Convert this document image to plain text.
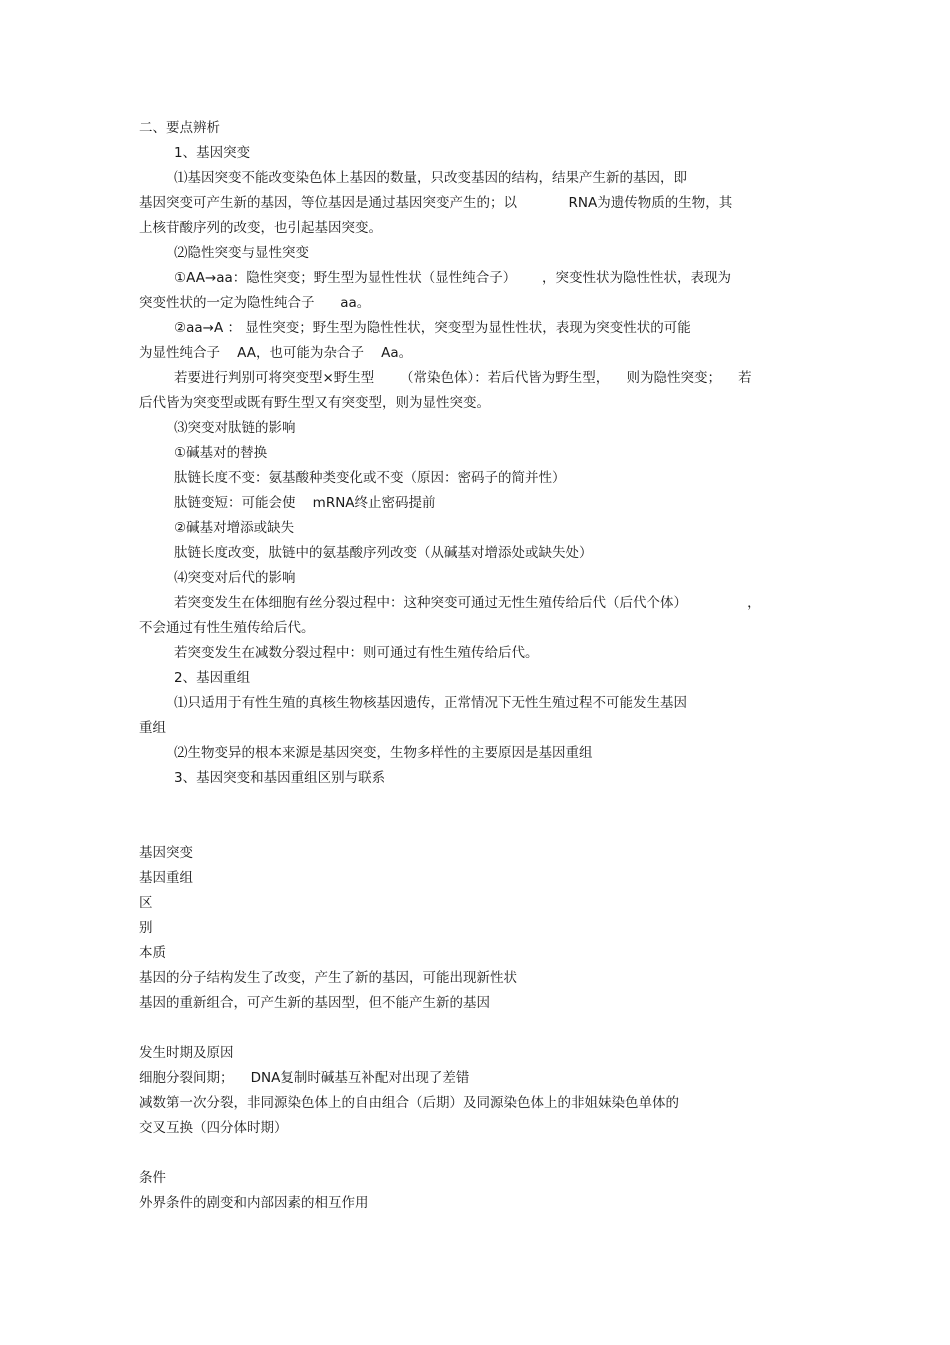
二、要点辨析
1、基因突变
⑴基因突变不能改变染色体上基因的数量，只改变基因的结构，结果产生新的基因，即
基因突变可产生新的基因，等位基因是通过基因突变产生的；以            RNA为遗传物质的生物，其
上核苷酸序列的改变，也引起基因突变。
⑵隐性突变与显性突变
①AA→aa：隐性突变；野生型为显性性状（显性纯合子）      ，突变性状为隐性性状，表现为
突变性状的一定为隐性纯合子      aa。
②aa→A ： 显性突变；野生型为隐性性状，突变型为显性性状，表现为突变性状的可能
为显性纯合子    AA，也可能为杂合子    Aa。
若要进行判别可将突变型×野生型      （常染色体）：若后代皆为野生型，    则为隐性突变；    若
后代皆为突变型或既有野生型又有突变型，则为显性突变。
⑶突变对肽链的影响
①碱基对的替换
肽链长度不变：氨基酸种类变化或不变（原因：密码子的简并性）
肽链变短：可能会使    mRNA终止密码提前
②碱基对增添或缺失
肽链长度改变，肽链中的氨基酸序列改变（从碱基对增添处或缺失处）
⑷突变对后代的影响
若突变发生在体细胞有丝分裂过程中：这种突变可通过无性生殖传给后代（后代个体）              ，
不会通过有性生殖传给后代。
若突变发生在减数分裂过程中：则可通过有性生殖传给后代。
2、基因重组
⑴只适用于有性生殖的真核生物核基因遗传，正常情况下无性生殖过程不可能发生基因
重组
⑵生物变异的根本来源是基因突变，生物多样性的主要原因是基因重组
3、基因突变和基因重组区别与联系
基因突变
基因重组
区
别
本质
基因的分子结构发生了改变，产生了新的基因，可能出现新性状
基因的重新组合，可产生新的基因型，但不能产生新的基因
发生时期及原因
细胞分裂间期；    DNA复制时碱基互补配对出现了差错
减数第一次分裂，非同源染色体上的自由组合（后期）及同源染色体上的非姐妹染色单体的
交叉互换（四分体时期）
条件
外界条件的剧变和内部因素的相互作用
